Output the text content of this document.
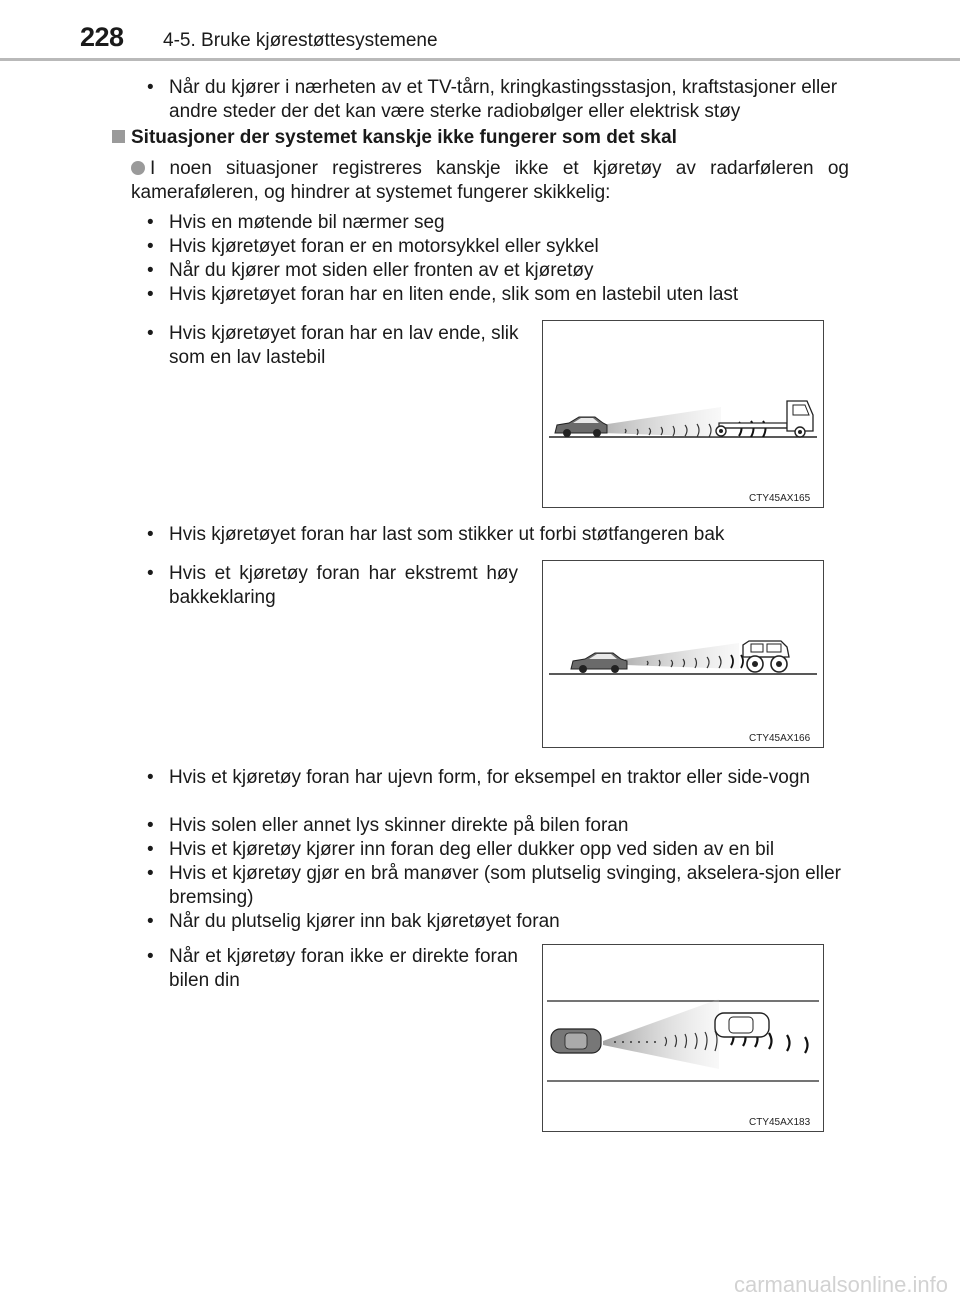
228 4-5. Bruke kjørestøttesystemene
• Når du kjører i nærheten av et TV-tårn, kringkastingsstasjon, kraftstasjoner eller andre steder der det kan være sterke radiobølger eller elektrisk støy
Situasjoner der systemet kanskje ikke fungerer som det skal
I noen situasjoner registreres kanskje ikke et kjøretøy av radarføleren og kameraføleren, og hindrer at systemet fungerer skikkelig:
• Hvis en møtende bil nærmer seg
• Hvis kjøretøyet foran er en motorsykkel eller sykkel
• Når du kjører mot siden eller fronten av et kjøretøy
• Hvis kjøretøyet foran har en liten ende, slik som en lastebil uten last
• Hvis kjøretøyet foran har en lav ende, slik som en lav lastebil
CTY45AX165
• Hvis kjøretøyet foran har last som stikker ut forbi støtfangeren bak
• Hvis et kjøretøy foran har ekstremt høy bakkeklaring
CTY45AX166
• Hvis et kjøretøy foran har ujevn form, for eksempel en traktor eller side-vogn
• Hvis solen eller annet lys skinner direkte på bilen foran
• Hvis et kjøretøy kjører inn foran deg eller dukker opp ved siden av en bil
• Hvis et kjøretøy gjør en brå manøver (som plutselig svinging, akselera-sjon eller bremsing)
• Når du plutselig kjører inn bak kjøretøyet foran
• Når et kjøretøy foran ikke er direkte foran bilen din
CTY45AX183
carmanualsonline.info
